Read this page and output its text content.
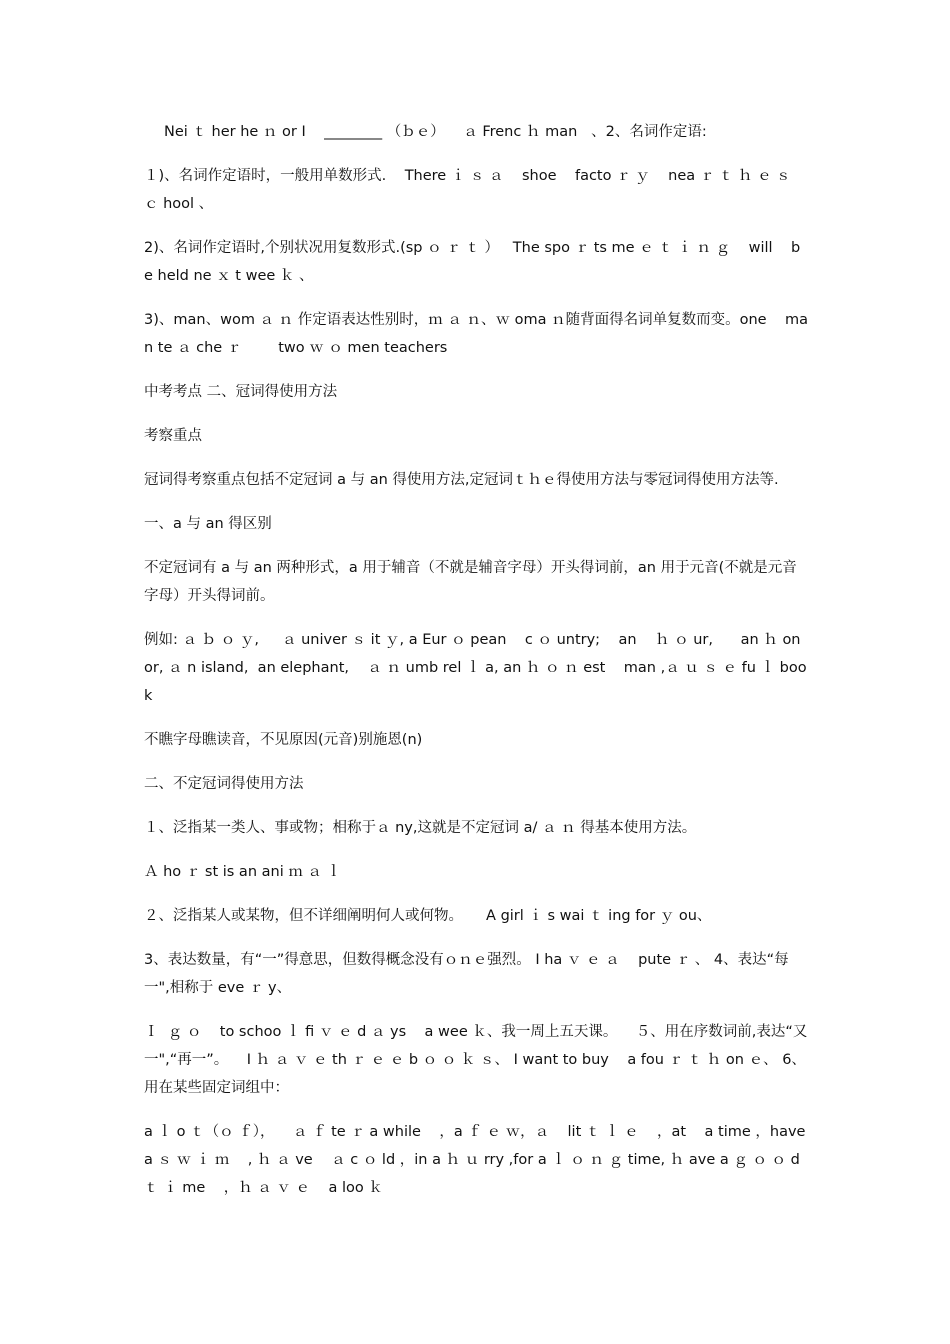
Nei ｔ her he ｎ or I    ________ （ｂｅ）    ａ Frenc ｈ man   、2、名词作定语:

１)、名词作定语时，一般用单数形式.    There ｉ ｓ ａ    shoe    facto ｒ ｙ    nea ｒ ｔ ｈ ｅ ｓ ｃ hool 、

2)、名词作定语时,个别状况用复数形式.(sp ｏ ｒ ｔ ）   The spo ｒ ts me ｅ ｔ ｉ ｎ ｇ    will    be held ne ｘ t wee ｋ 、

3)、man、wom ａ ｎ 作定语表达性别时，ｍ ａ ｎ、ｗ oma ｎ随背面得名词单复数而变。one    man te ａ che ｒ        two ｗ ｏ men teachers

中考考点 二、冠词得使用方法

考察重点

冠词得考察重点包括不定冠词 a 与 an 得使用方法,定冠词ｔｈｅ得使用方法与零冠词得使用方法等.

一、a 与 an 得区别

不定冠词有 a 与 an 两种形式，a 用于辅音（不就是辅音字母）开头得词前，an 用于元音(不就是元音字母）开头得词前。

例如: ａ ｂ ｏ ｙ,     ａ univer ｓ it ｙ, a Eur ｏ pean    c ｏ untry;    an    ｈ ｏ ur,      an ｈ onor, ａ n island,  an elephant,    ａ ｎ umb rel ｌ a, an ｈ ｏ ｎ est    man ,ａ ｕ ｓ ｅ fu ｌ book

不瞧字母瞧读音，不见原因(元音)别施恩(n)

二、不定冠词得使用方法

１、泛指某一类人、事或物；相称于ａ ny,这就是不定冠词 a/ ａ ｎ 得基本使用方法。

Ａ ho ｒ st is an ani ｍ ａ ｌ

２、泛指某人或某物，但不详细阐明何人或何物。     A girl ｉ s wai ｔ ing for ｙ ou、

3、表达数量，有“一”得意思，但数得概念没有ｏｎｅ强烈。 I ha ｖ ｅ ａ    pute ｒ 、 4、表达“每一",相称于 eve ｒ y、

Ｉ  ｇ ｏ    to schoo ｌ fi ｖ ｅ d ａ ys    a wee ｋ、我一周上五天课。    ５、用在序数词前,表达“又一",“再一”。    I ｈ ａ ｖ ｅ th ｒ ｅ ｅ b ｏ ｏ ｋ ｓ、 I want to buy    a fou ｒ ｔ ｈ on ｅ、 6、用在某些固定词组中：

a ｌ o ｔ（ｏ ｆ），    ａ ｆ te ｒ a while    ，a ｆ ｅ ｗ，ａ    lit ｔ ｌ ｅ    ，at    a time ，have a ｓ ｗ ｉ ｍ    , ｈ ａ ve    ａ c ｏ ld ，in a ｈ ｕ rry ,for a ｌ ｏ ｎ ｇ time, ｈ ave a ｇ ｏ ｏ d ｔ ｉ me    ，ｈ ａ ｖ ｅ    a loo ｋ
